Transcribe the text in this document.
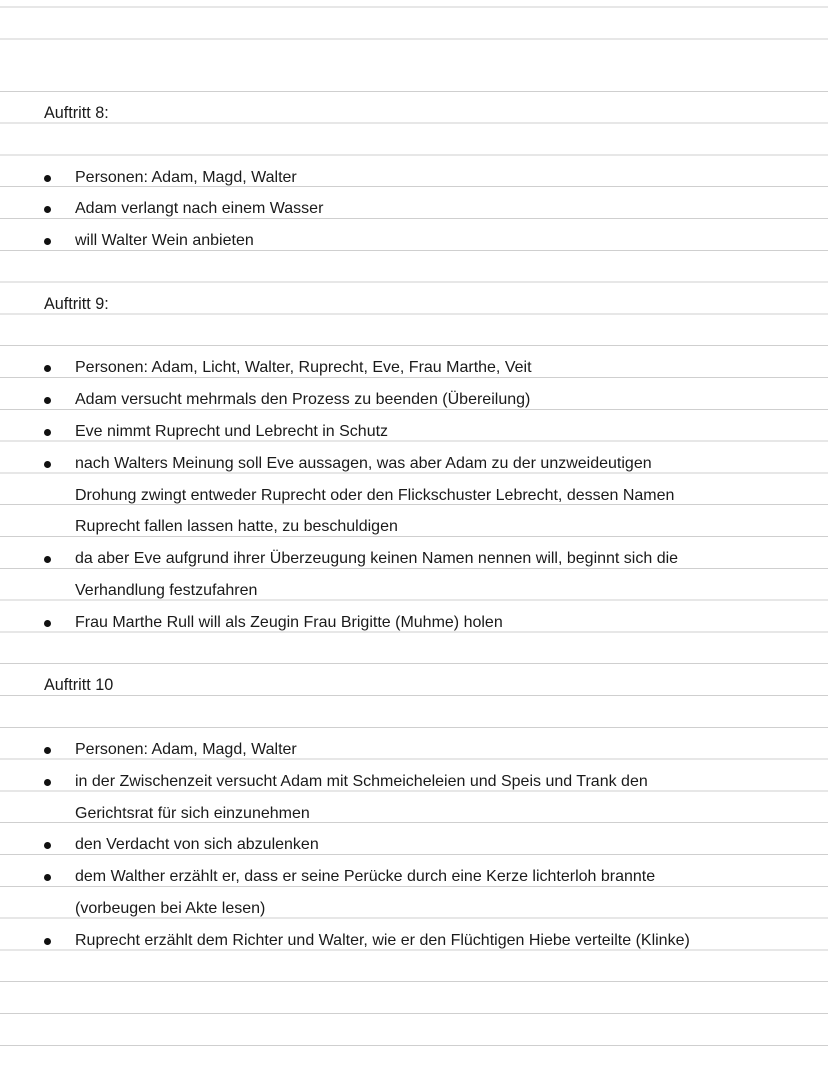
Auftritt 8:
Personen: Adam, Magd, Walter
Adam verlangt nach einem Wasser
will Walter Wein anbieten
Auftritt 9:
Personen: Adam, Licht, Walter, Ruprecht, Eve, Frau Marthe, Veit
Adam versucht mehrmals den Prozess zu beenden (Übereilung)
Eve nimmt Ruprecht und Lebrecht in Schutz
nach Walters Meinung soll Eve aussagen, was aber Adam zu der unzweideutigen
Drohung zwingt entweder Ruprecht oder den Flickschuster Lebrecht, dessen Namen
Ruprecht fallen lassen hatte, zu beschuldigen
da aber Eve aufgrund ihrer Überzeugung keinen Namen nennen will, beginnt sich die
Verhandlung festzufahren
Frau Marthe Rull will als Zeugin Frau Brigitte (Muhme) holen
Auftritt 10
Personen: Adam, Magd, Walter
in der Zwischenzeit versucht Adam mit Schmeicheleien und Speis und Trank den
Gerichtsrat für sich einzunehmen
den Verdacht von sich abzulenken
dem Walther erzählt er, dass er seine Perücke durch eine Kerze lichterloh brannte
(vorbeugen bei Akte lesen)
Ruprecht erzählt dem Richter und Walter, wie er den Flüchtigen Hiebe verteilte (Klinke)
